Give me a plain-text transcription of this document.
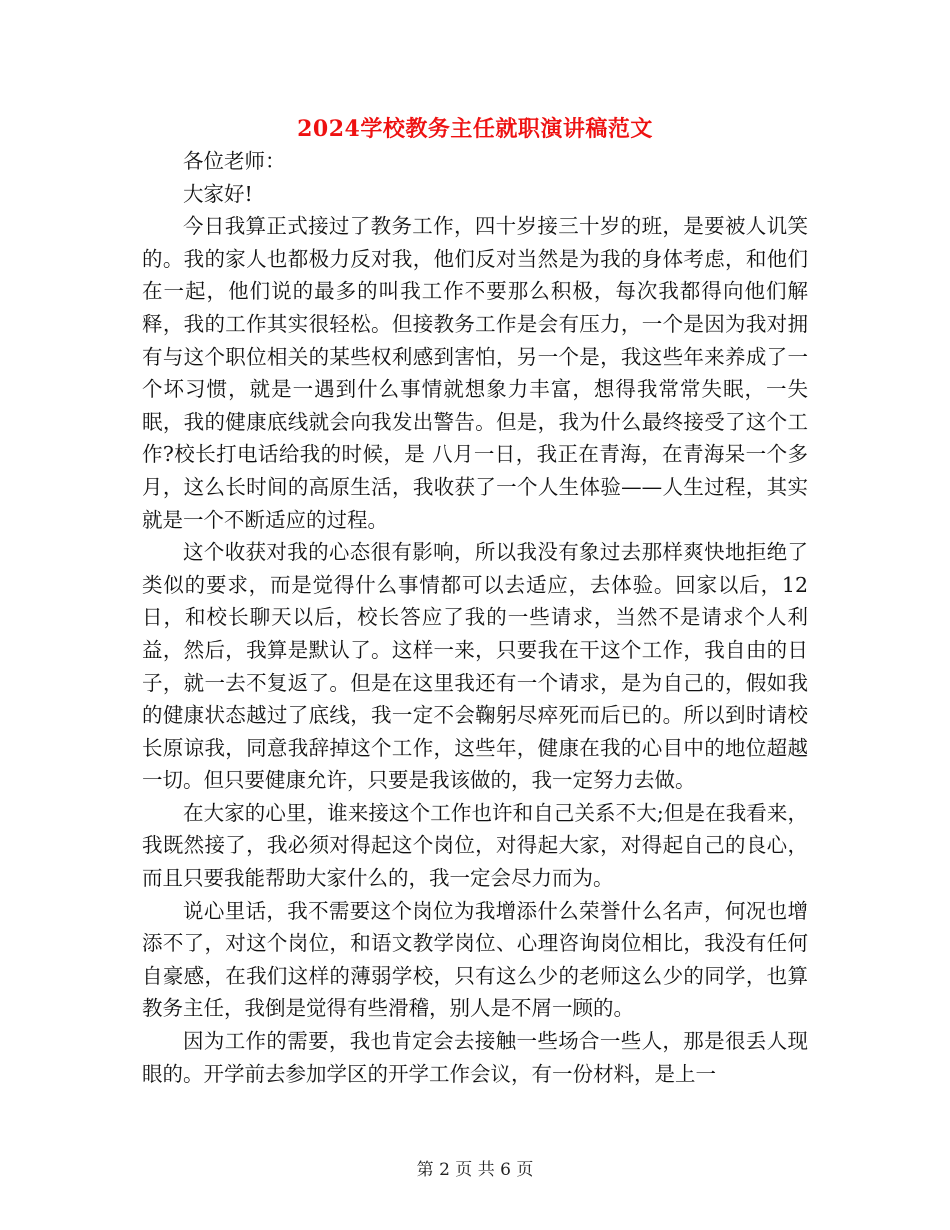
2024学校教务主任就职演讲稿范文

各位老师：

大家好!

今日我算正式接过了教务工作，四十岁接三十岁的班，是要被人讥笑的。我的家人也都极力反对我，他们反对当然是为我的身体考虑，和他们在一起，他们说的最多的叫我工作不要那么积极，每次我都得向他们解释，我的工作其实很轻松。但接教务工作是会有压力，一个是因为我对拥有与这个职位相关的某些权利感到害怕，另一个是，我这些年来养成了一个坏习惯，就是一遇到什么事情就想象力丰富，想得我常常失眠，一失眠，我的健康底线就会向我发出警告。但是，我为什么最终接受了这个工作?校长打电话给我的时候，是 八月一日，我正在青海，在青海呆一个多月，这么长时间的高原生活，我收获了一个人生体验——人生过程，其实就是一个不断适应的过程。

这个收获对我的心态很有影响，所以我没有象过去那样爽快地拒绝了类似的要求，而是觉得什么事情都可以去适应，去体验。回家以后，12日，和校长聊天以后，校长答应了我的一些请求，当然不是请求个人利益，然后，我算是默认了。这样一来，只要我在干这个工作，我自由的日子，就一去不复返了。但是在这里我还有一个请求，是为自己的，假如我的健康状态越过了底线，我一定不会鞠躬尽瘁死而后已的。所以到时请校长原谅我，同意我辞掉这个工作，这些年，健康在我的心目中的地位超越一切。但只要健康允许，只要是我该做的，我一定努力去做。

在大家的心里，谁来接这个工作也许和自己关系不大;但是在我看来，我既然接了，我必须对得起这个岗位，对得起大家，对得起自己的良心，而且只要我能帮助大家什么的，我一定会尽力而为。

说心里话，我不需要这个岗位为我增添什么荣誉什么名声，何况也增添不了，对这个岗位，和语文教学岗位、心理咨询岗位相比，我没有任何自豪感，在我们这样的薄弱学校，只有这么少的老师这么少的同学，也算教务主任，我倒是觉得有些滑稽，别人是不屑一顾的。

因为工作的需要，我也肯定会去接触一些场合一些人，那是很丢人现眼的。开学前去参加学区的开学工作会议，有一份材料，是上一

第 2 页 共 6 页
